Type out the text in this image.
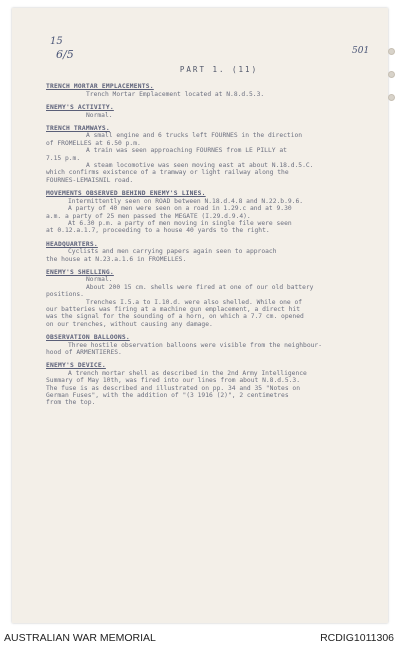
15
6/5	501
PART 1. (11)
TRENCH MORTAR EMPLACEMENTS.

Trench Mortar Emplacement located at N.8.d.5.3.

ENEMY'S ACTIVITY.

Normal.

TRENCH TRAMWAYS.

A small engine and 6 trucks left FOURNES in the direction

of FROMELLES at 6.50 p.m.

A train was seen approaching FOURNES from LE PILLY at

7.15 p.m.

A steam locomotive was seen moving east at about N.18.d.5.C.

which confirms existence of a tramway or light railway along the

FOURNES-LEMAISNIL road.

MOVEMENTS OBSERVED BEHIND ENEMY'S LINES.

Intermittently seen on ROAD between N.18.d.4.8 and N.22.b.9.6.

A party of 40 men were seen on a road in 1.29.c and at 9.30

a.m. a party of 25 men passed the MEGATE (I.29.d.9.4).

At 6.30 p.m. a party of men moving in single file were seen

at 0.12.a.1.7, proceeding to a house 40 yards to the right.

HEADQUARTERS.

Cyclists and men carrying papers again seen to approach

the house at N.23.a.1.6 in FROMELLES.

ENEMY'S SHELLING.

Normal.

About 200 15 cm. shells were fired at one of our old battery

positions.

Trenches I.5.a to I.10.d. were also shelled. While one of

our batteries was firing at a machine gun emplacement, a direct hit

was the signal for the sounding of a horn, on which a 7.7 cm. opened

on our trenches, without causing any damage.

OBSERVATION BALLOONS.

Three hostile observation balloons were visible from the neighbour-

hood of ARMENTIERES.

ENEMY'S DEVICE.

A trench mortar shell as described in the 2nd Army Intelligence

Summary of May 10th, was fired into our lines from about N.8.d.5.3.

The fuse is as described and illustrated on pp. 34 and 35 "Notes on

German Fuses", with the addition of "(3 1916 (2)", 2 centimetres

from the top.

AUSTRALIAN WAR MEMORIAL	RCDIG1011306
